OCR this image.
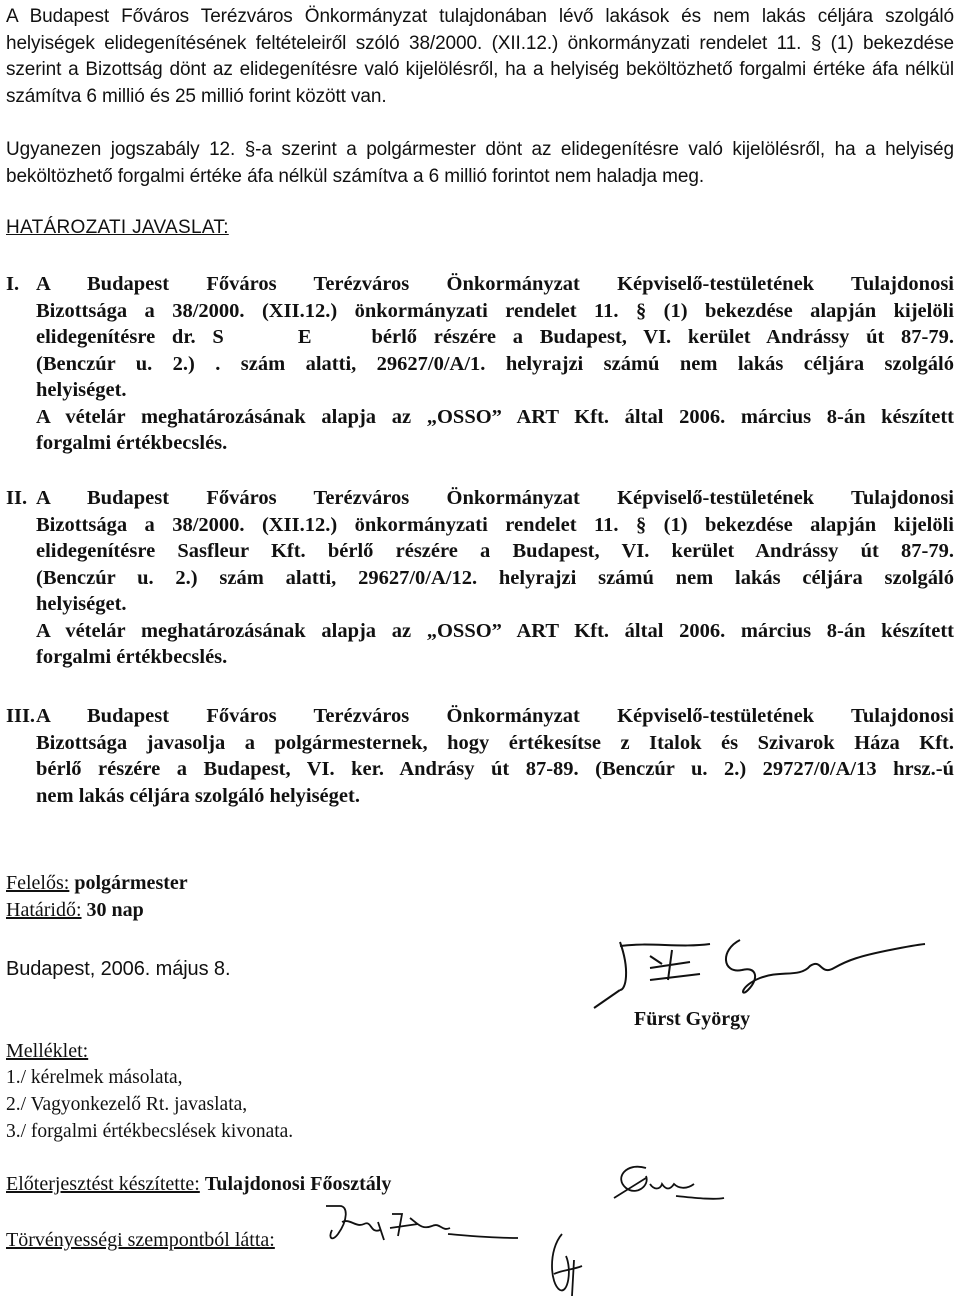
A Budapest Főváros Terézváros Önkormányzat tulajdonában lévő lakások és nem lakás céljára szolgáló helyiségek elidegenítésének feltételeiről szóló 38/2000. (XII.12.) önkormányzati rendelet 11. § (1) bekezdése szerint a Bizottság dönt az elidegenítésre való kijelölésről, ha a helyiség beköltözhető forgalmi értéke áfa nélkül számítva 6 millió és 25 millió forint között van.

Ugyanezen jogszabály 12. §-a szerint a polgármester dönt az elidegenítésre való kijelölésről, ha a helyiség beköltözhető forgalmi értéke áfa nélkül számítva a 6 millió forintot nem haladja meg.

HATÁROZATI JAVASLAT:

I. A Budapest Főváros Terézváros Önkormányzat Képviselő-testületének Tulajdonosi
Bizottsága a 38/2000. (XII.12.) önkormányzati rendelet 11. § (1) bekezdése alapján kijelöli
elidegenítésre dr. S	E	bérlő részére a Budapest, VI. kerület Andrássy út 87-79.
(Benczúr u. 2.) . szám alatti, 29627/0/A/1. helyrajzi számú nem lakás céljára szolgáló
helyiséget.
A vételár meghatározásának alapja az „OSSO” ART Kft. által 2006. március 8-án készített
forgalmi értékbecslés.
II. A Budapest Főváros Terézváros Önkormányzat Képviselő-testületének Tulajdonosi
Bizottsága a 38/2000. (XII.12.) önkormányzati rendelet 11. § (1) bekezdése alapján kijelöli
elidegenítésre Sasfleur Kft. bérlő részére a Budapest, VI. kerület Andrássy út 87-79.
(Benczúr u. 2.) szám alatti, 29627/0/A/12. helyrajzi számú nem lakás céljára szolgáló
helyiséget.
A vételár meghatározásának alapja az „OSSO” ART Kft. által 2006. március 8-án készített
forgalmi értékbecslés.
III. A Budapest Főváros Terézváros Önkormányzat Képviselő-testületének Tulajdonosi
Bizottsága javasolja a polgármesternek, hogy értékesítse z Italok és Szivarok Háza Kft.
bérlő részére a Budapest, VI. ker. Andrásy út 87-89. (Benczúr u. 2.) 29727/0/A/13 hrsz.-ú
nem lakás céljára szolgáló helyiséget.

Felelős: polgármester

Határidő: 30 nap

Budapest, 2006. május 8.

Fürst György

Melléklet:

1./ kérelmek másolata,

2./ Vagyonkezelő Rt. javaslata,

3./ forgalmi értékbecslések kivonata.

Előterjesztést készítette: Tulajdonosi Főosztály

Törvényességi szempontból látta:
